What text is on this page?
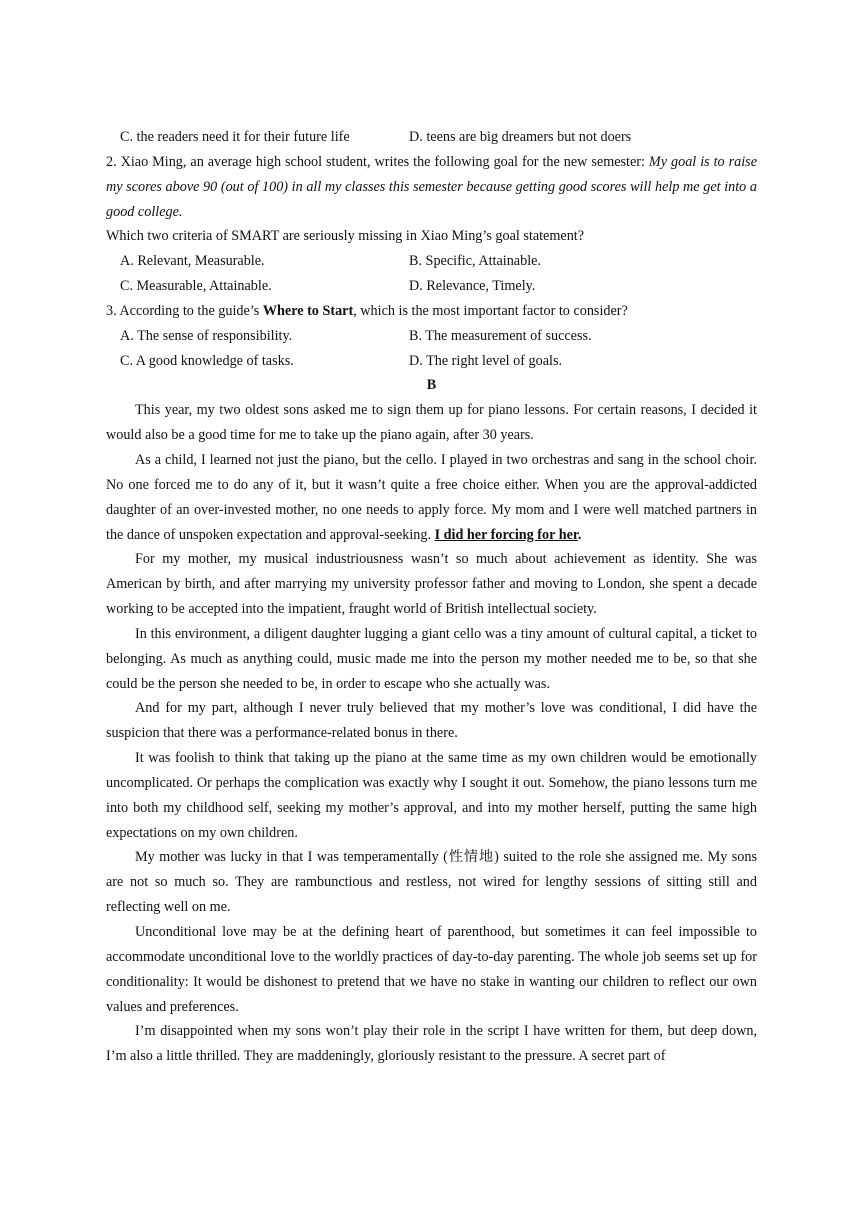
C. the readers need it for their future life	D. teens are big dreamers but not doers

2. Xiao Ming, an average high school student, writes the following goal for the new semester: My goal is to raise my scores above 90 (out of 100) in all my classes this semester because getting good scores will help me get into a good college.

Which two criteria of SMART are seriously missing in Xiao Ming’s goal statement?
A. Relevant, Measurable.	B. Specific, Attainable.
C. Measurable, Attainable.	D. Relevance, Timely.
3. According to the guide’s Where to Start, which is the most important factor to consider?
A. The sense of responsibility.	B. The measurement of success.
C. A good knowledge of tasks.	D. The right level of goals.
B

This year, my two oldest sons asked me to sign them up for piano lessons. For certain reasons, I decided it would also be a good time for me to take up the piano again, after 30 years.

As a child, I learned not just the piano, but the cello. I played in two orchestras and sang in the school choir. No one forced me to do any of it, but it wasn’t quite a free choice either. When you are the approval-addicted daughter of an over-invested mother, no one needs to apply force. My mom and I were well matched partners in the dance of unspoken expectation and approval-seeking. I did her forcing for her.

For my mother, my musical industriousness wasn’t so much about achievement as identity. She was American by birth, and after marrying my university professor father and moving to London, she spent a decade working to be accepted into the impatient, fraught world of British intellectual society.

In this environment, a diligent daughter lugging a giant cello was a tiny amount of cultural capital, a ticket to belonging. As much as anything could, music made me into the person my mother needed me to be, so that she could be the person she needed to be, in order to escape who she actually was.

And for my part, although I never truly believed that my mother’s love was conditional, I did have the suspicion that there was a performance-related bonus in there.

It was foolish to think that taking up the piano at the same time as my own children would be emotionally uncomplicated. Or perhaps the complication was exactly why I sought it out. Somehow, the piano lessons turn me into both my childhood self, seeking my mother’s approval, and into my mother herself, putting the same high expectations on my own children.

My mother was lucky in that I was temperamentally (性情地) suited to the role she assigned me. My sons are not so much so. They are rambunctious and restless, not wired for lengthy sessions of sitting still and reflecting well on me.

Unconditional love may be at the defining heart of parenthood, but sometimes it can feel impossible to accommodate unconditional love to the worldly practices of day-to-day parenting. The whole job seems set up for conditionality: It would be dishonest to pretend that we have no stake in wanting our children to reflect our own values and preferences.

I’m disappointed when my sons won’t play their role in the script I have written for them, but deep down, I’m also a little thrilled. They are maddeningly, gloriously resistant to the pressure. A secret part of
